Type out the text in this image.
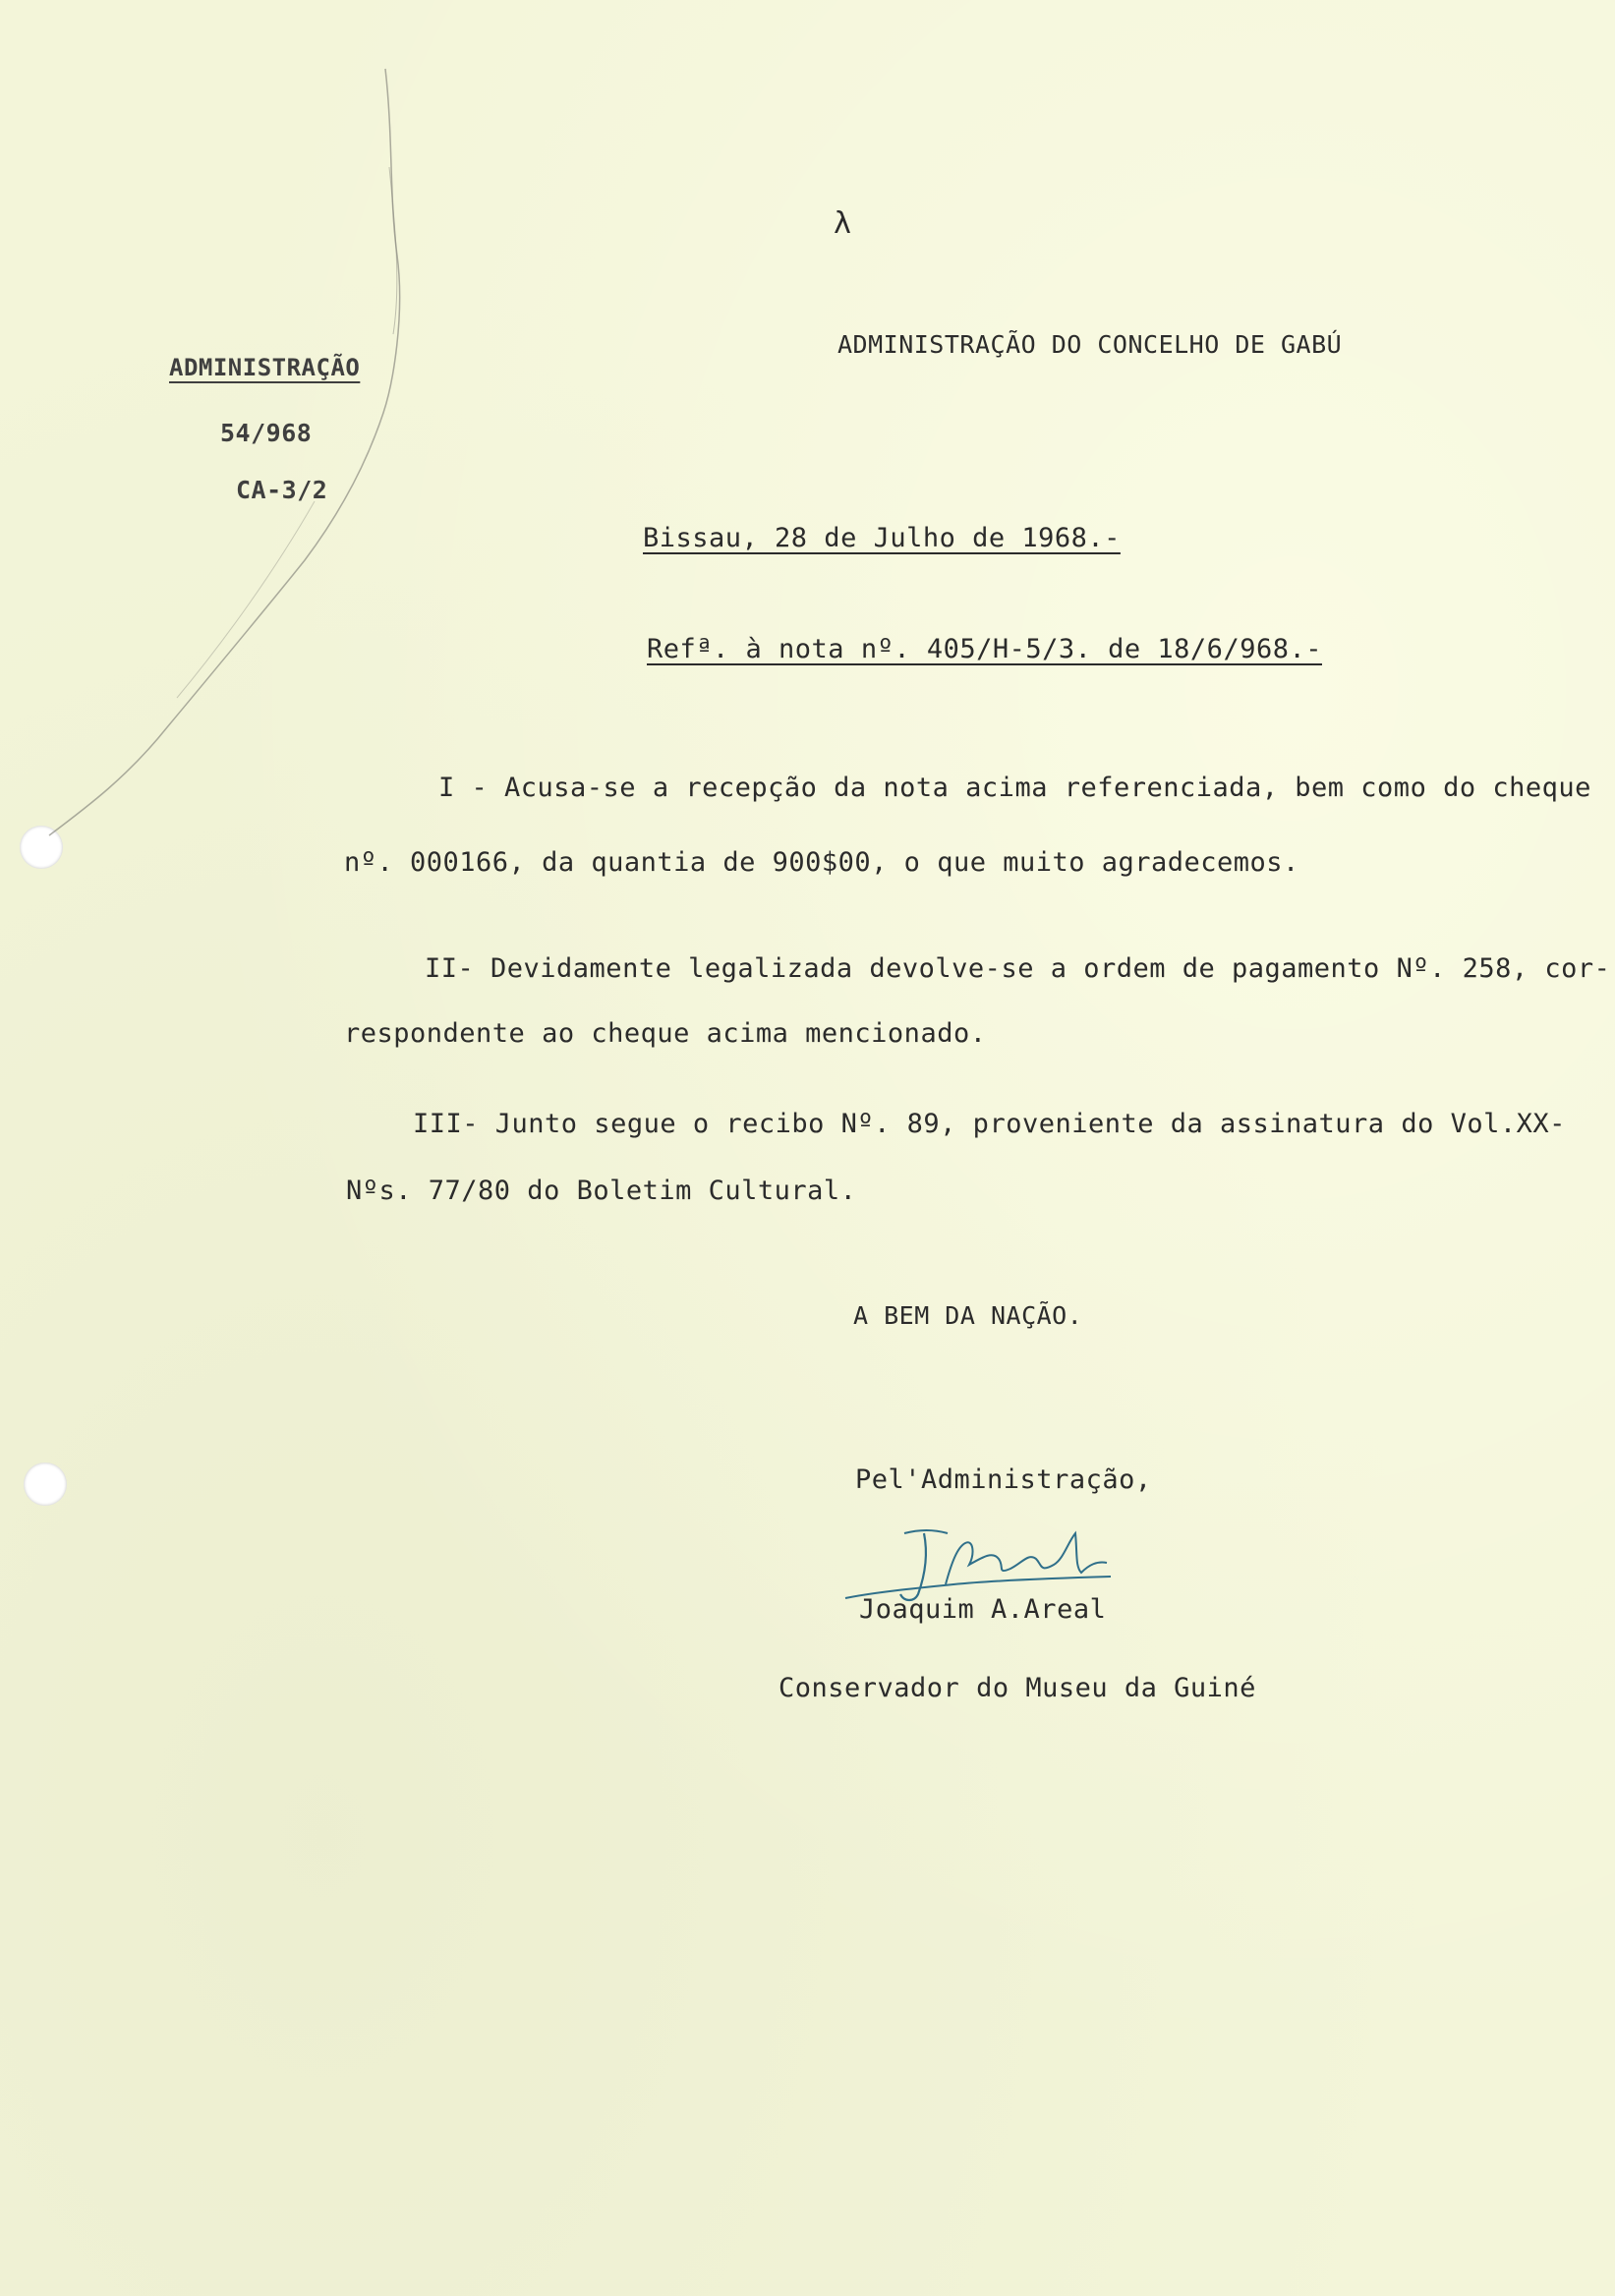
λ
ADMINISTRAÇÃO
54/968
CA-3/2
ADMINISTRAÇÃO DO CONCELHO DE GABÚ
Bissau, 28 de Julho de 1968.-
Refª. à nota nº. 405/H-5/3. de 18/6/968.-
I - Acusa-se a recepção da nota acima referenciada, bem como do cheque
nº. 000166, da quantia de 900$00, o que muito agradecemos.
II- Devidamente legalizada devolve-se a ordem de pagamento Nº. 258, cor-
respondente ao cheque acima mencionado.
III- Junto segue o recibo Nº. 89, proveniente da assinatura do Vol.XX-
Nºs. 77/80 do Boletim Cultural.
A BEM DA NAÇÃO.
Pel'Administração,
Joaquim A.Areal
Conservador do Museu da Guiné
